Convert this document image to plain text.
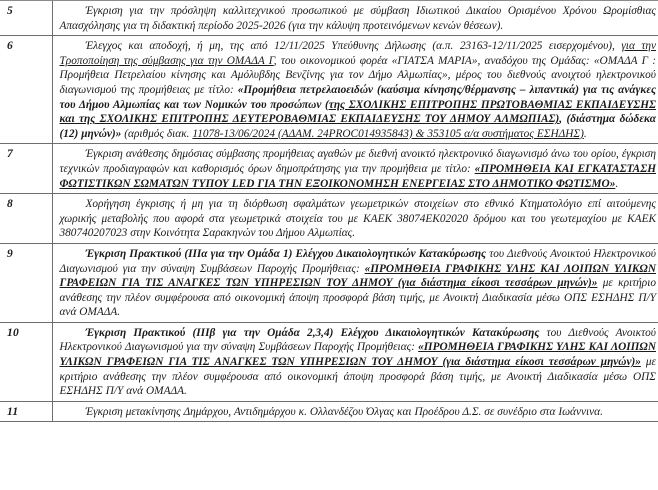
5	Έγκριση για την πρόσληψη καλλιτεχνικού προσωπικού με σύμβαση Ιδιωτικού Δικαίου Ορισμένου Χρόνου Ωρομίσθιας Απασχόλησης για τη διδακτική περίοδο 2025-2026 (για την κάλυψη προτεινόμενων κενών θέσεων).

6	Έλεγχος και αποδοχή, ή μη, της από 12/11/2025 Υπεύθυνης Δήλωσης (α.π. 23163-12/11/2025 εισερχομένου), για την Τροποποίηση της σύμβασης για την ΟΜΑΔΑ Γ, του οικονομικού φορέα «ΓΙΑΤΣΑ ΜΑΡΙΑ», αναδόχου της Ομάδας: «ΟΜΑΔΑ Γ : Προμήθεια Πετρελαίου κίνησης και Αμόλυβδης Βενζίνης για τον Δήμο Αλμωπίας», μέρος του διεθνούς ανοιχτού ηλεκτρονικού διαγωνισμού της προμήθειας με τίτλο: «Προμήθεια πετρελαιοειδών (καύσιμα κίνησης/θέρμανσης – λιπαντικά) για τις ανάγκες του Δήμου Αλμωπίας και των Νομικών του προσώπων (της ΣΧΟΛΙΚΗΣ ΕΠΙΤΡΟΠΗΣ ΠΡΩΤΟΒΑΘΜΙΑΣ ΕΚΠΑΙΔΕΥΣΗΣ και της ΣΧΟΛΙΚΗΣ ΕΠΙΤΡΟΠΗΣ ΔΕΥΤΕΡΟΒΑΘΜΙΑΣ ΕΚΠΑΙΔΕΥΣΗΣ ΤΟΥ ΔΗΜΟΥ ΑΛΜΩΠΙΑΣ), (διάστημα δώδεκα (12) μηνών)» (αριθμός διακ. 11078-13/06/2024 (ΑΔΑΜ. 24PROC014935843) & 353105 α/α συστήματος ΕΣΗΔΗΣ).

7	Έγκριση ανάθεσης δημόσιας σύμβασης προμήθειας αγαθών με διεθνή ανοικτό ηλεκτρονικό διαγωνισμό άνω του ορίου, έγκριση τεχνικών προδιαγραφών και καθορισμός όρων δημοπράτησης για την προμήθεια με τίτλο: «ΠΡΟΜΗΘΕΙΑ ΚΑΙ ΕΓΚΑΤΑΣΤΑΣΗ ΦΩΤΙΣΤΙΚΩΝ ΣΩΜΑΤΩΝ ΤΥΠΟΥ LED ΓΙΑ ΤΗΝ ΕΞΟΙΚΟΝΟΜΗΣΗ ΕΝΕΡΓΕΙΑΣ ΣΤΟ ΔΗΜΟΤΙΚΟ ΦΩΤΙΣΜΟ».

8	Χορήγηση έγκρισης ή μη για τη διόρθωση σφαλμάτων γεωμετρικών στοιχείων στο εθνικό Κτηματολόγιο επί αιτούμενης χωρικής μεταβολής που αφορά στα γεωμετρικά στοιχεία του με ΚΑΕΚ 38074ΕΚ02020 δρόμου και του γεωτεμαχίου με ΚΑΕΚ 380740207023 στην Κοινότητα Σαρακηνών του Δήμου Αλμωπίας.

9	Έγκριση Πρακτικού (IIIα για την Ομάδα 1) Ελέγχου Δικαιολογητικών Κατακύρωσης του Διεθνούς Ανοικτού Ηλεκτρονικού Διαγωνισμού για την σύναψη Συμβάσεων Παροχής Προμήθειας: «ΠΡΟΜΗΘΕΙΑ ΓΡΑΦΙΚΗΣ ΥΛΗΣ ΚΑΙ ΛΟΙΠΩΝ ΥΛΙΚΩΝ ΓΡΑΦΕΙΩΝ ΓΙΑ ΤΙΣ ΑΝΑΓΚΕΣ ΤΩΝ ΥΠΗΡΕΣΙΩΝ ΤΟΥ ΔΗΜΟΥ (για διάστημα είκοσι τεσσάρων μηνών)» με κριτήριο ανάθεσης την πλέον συμφέρουσα από οικονομική άποψη προσφορά βάση τιμής, με Ανοικτή Διαδικασία μέσω ΟΠΣ ΕΣΗΔΗΣ Π/Υ ανά ΟΜΑΔΑ.

10	Έγκριση Πρακτικού (IIIβ για την Ομάδα 2,3,4) Ελέγχου Δικαιολογητικών Κατακύρωσης του Διεθνούς Ανοικτού Ηλεκτρονικού Διαγωνισμού για την σύναψη Συμβάσεων Παροχής Προμήθειας: «ΠΡΟΜΗΘΕΙΑ ΓΡΑΦΙΚΗΣ ΥΛΗΣ ΚΑΙ ΛΟΙΠΩΝ ΥΛΙΚΩΝ ΓΡΑΦΕΙΩΝ ΓΙΑ ΤΙΣ ΑΝΑΓΚΕΣ ΤΩΝ ΥΠΗΡΕΣΙΩΝ ΤΟΥ ΔΗΜΟΥ (για διάστημα είκοσι τεσσάρων μηνών)» με κριτήριο ανάθεσης την πλέον συμφέρουσα από οικονομική άποψη προσφορά βάση τιμής, με Ανοικτή Διαδικασία μέσω ΟΠΣ ΕΣΗΔΗΣ Π/Υ ανά ΟΜΑΔΑ.

11	Έγκριση μετακίνησης Δημάρχου, Αντιδημάρχου κ. Ολλανδέζου Όλγας και Προέδρου Δ.Σ. σε συνέδριο στα Ιωάννινα.
